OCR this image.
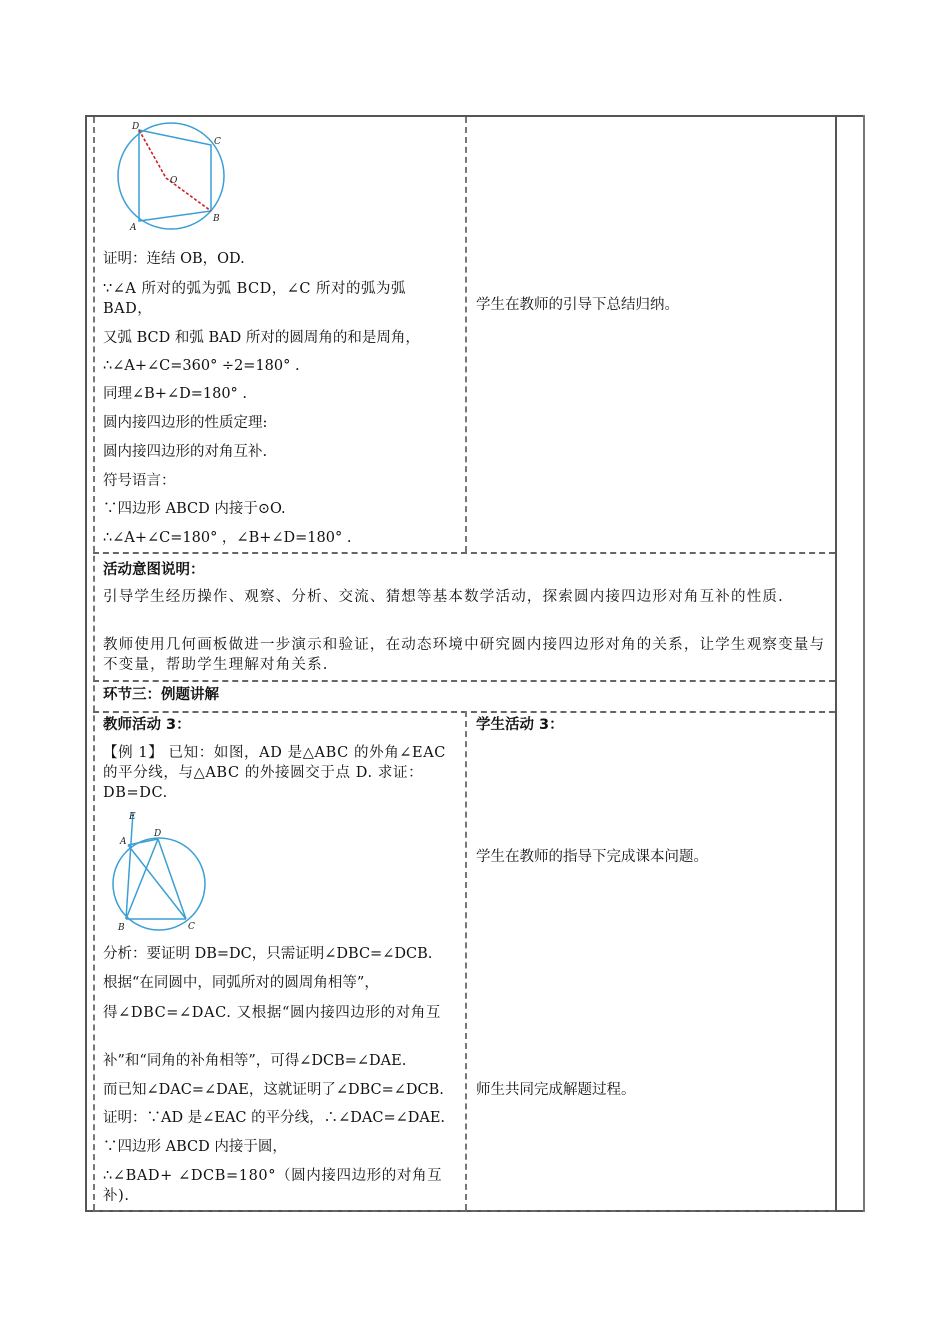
D
C
O
A
B
证明：连结 OB，OD.
∵∠A 所对的弧为弧 BCD，∠C 所对的弧为弧 BAD，
又弧 BCD 和弧 BAD 所对的圆周角的和是周角，
∴∠A+∠C=360° ÷2=180° .
同理∠B+∠D=180° .
圆内接四边形的性质定理:
圆内接四边形的对角互补.
符号语言：
∵四边形 ABCD 内接于⊙O.
∴∠A+∠C=180° ，∠B+∠D=180° .
学生在教师的引导下总结归纳。
活动意图说明：
引导学生经历操作、观察、分析、交流、猜想等基本数学活动，探索圆内接四边形对角互补的性质.
教师使用几何画板做进一步演示和验证，在动态环境中研究圆内接四边形对角的关系，让学生观察变量与不变量，帮助学生理解对角关系.
环节三：例题讲解
教师活动 3：	学生活动 3：
【例 1】 已知：如图，AD 是△ABC 的外角∠EAC 的平分线，与△ABC 的外接圆交于点 D. 求证：DB=DC.
E
A
D
B	C
分析：要证明 DB=DC，只需证明∠DBC=∠DCB.
根据“在同圆中，同弧所对的圆周角相等”，
得∠DBC=∠DAC. 又根据“圆内接四边形的对角互
补”和“同角的补角相等”，可得∠DCB=∠DAE.
而已知∠DAC=∠DAE，这就证明了∠DBC=∠DCB.
证明：∵AD 是∠EAC 的平分线，∴∠DAC=∠DAE.
∵四边形 ABCD 内接于圆，
∴∠BAD+ ∠DCB=180°（圆内接四边形的对角互补).
学生在教师的指导下完成课本问题。
师生共同完成解题过程。
